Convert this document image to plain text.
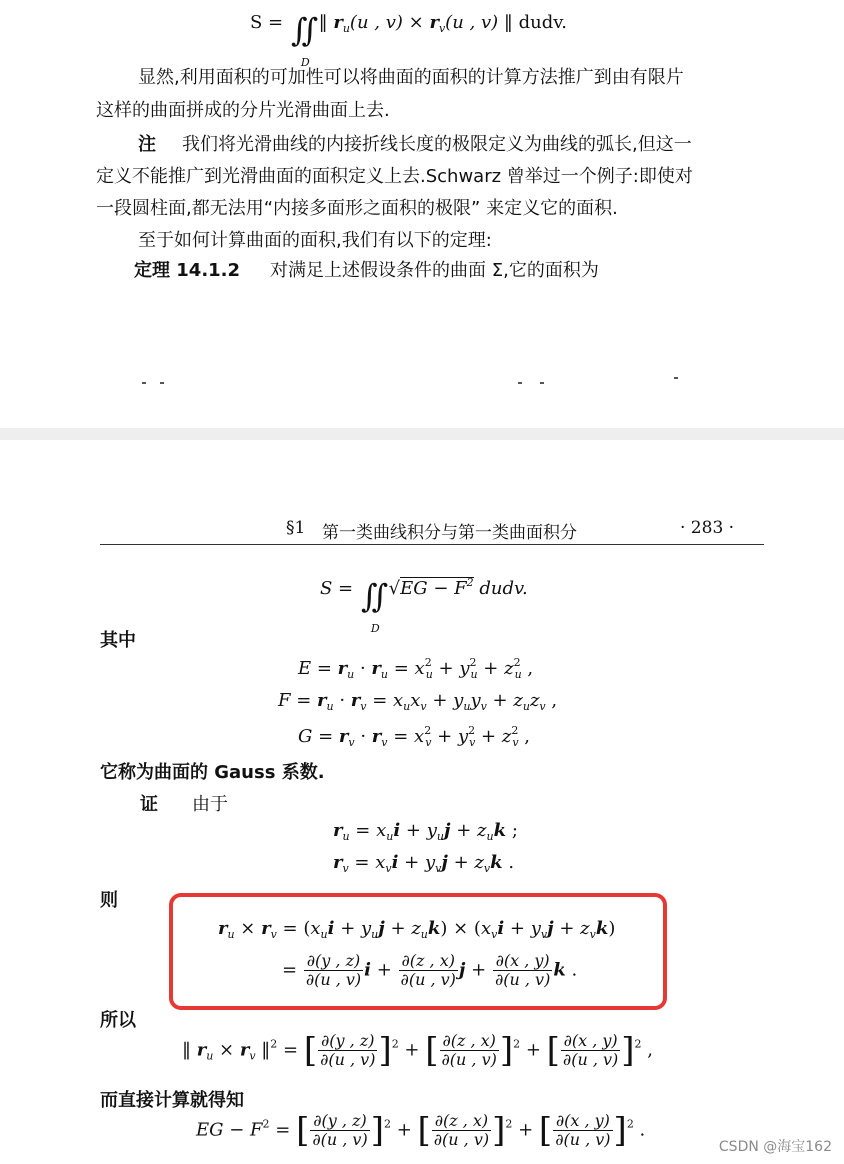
S = ∬
D
‖ $r_u(u$ , $v) \times r_v(u$ , v) ‖ dudv.
显然,利用面积的可加性可以将曲面的面积的计算方法推广到由有限片
这样的曲面拼成的分片光滑曲面上去.
注 我们将光滑曲线的内接折线长度的极限定义为曲线的弧长,但这一
定义不能推广到光滑曲面的面积定义上去.Schwarz 曾举过一个例子:即使对
一段圆柱面,都无法用“内接多面形之面积的极限” 来定义它的面积.
至于如何计算曲面的面积,我们有以下的定理:
定理 14.1.2 对满足上述假设条件的曲面 Σ,它的面积为
§1 第一类曲线积分与第一类曲面积分	· 283 ·
S = ∬
D
$√EG - F^2$ dudv.
其中
$E = r_u \cdot r_u = x^2_u + y^2_u + z^2_u$ ,
$F = r_u \cdot r_v = x_ux_v + y_uy_v + z_uz_v$ ,
$G = r_v \cdot r_v = x^2_v + y^2_v + z^2_v$ ,
它称为曲面的 Gauss 系数.
证 由于
$r_u = x_ui + y_uj + z_uk$ ;
$r_v = x_vi + y_vj + z_vk$ .
则
$r_u \times r_v = (x_ui + y_uj + z_uk) \times (x_vi + y_vj + z_vk)$
= $\frac{\partial(y , z)}{\partial(u , v)}$ $i + \frac{\partial(z , x)}{\partial(u , v)}$ $j + \frac{\partial(x , y)}{\partial(u , v)}$ k .
所以
‖ $r_u \times r_v$ ‖$^2$ = [ $\frac{\partial(y , z)}{\partial(u , v)} ]^2$ + [ $\frac{\partial(z , x)}{\partial(u , v)} ]^2$ + [ $\frac{\partial(x , y)}{\partial(u , v)} ]^2$ ,
而直接计算就得知
EG − $F^2$ = [ $\frac{\partial(y , z)}{\partial(u , v)} ]^2$ + [ $\frac{\partial(z , x)}{\partial(u , v)} ]^2$ + [ $\frac{\partial(x , y)}{\partial(u , v)} ]^2$ .
CSDN @海宝162
